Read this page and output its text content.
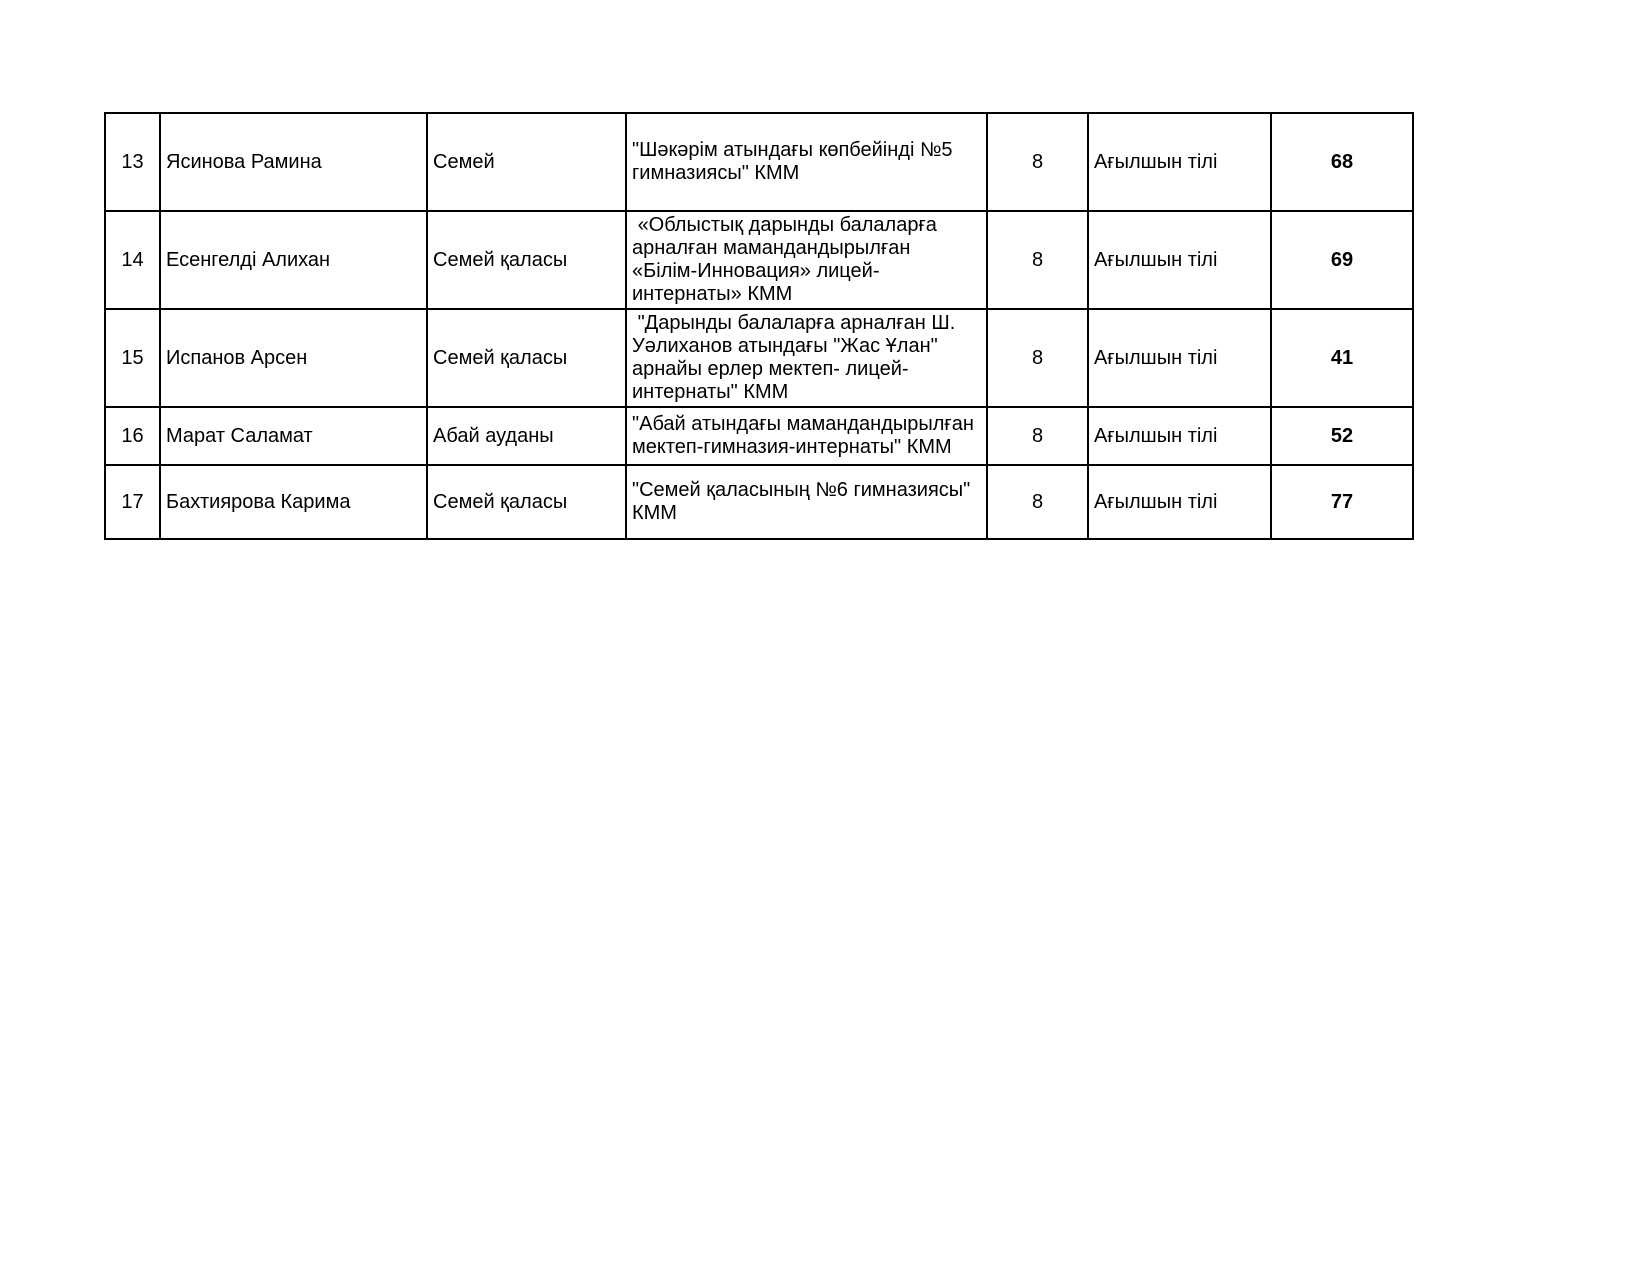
13	Ясинова Рамина	Семей	"Шәкәрім атындағы көпбейінді №5 гимназиясы" КММ	8	Ағылшын тілі	68
14	Есенгелді Алихан	Семей қаласы	«Облыстық дарынды балаларға арналған мамандандырылған «Білім-Инновация» лицей-интернаты» КММ	8	Ағылшын тілі	69
15	Испанов Арсен	Семей қаласы	"Дарынды балаларға арналған Ш. Уәлиханов атындағы "Жас Ұлан" арнайы ерлер мектеп- лицей-интернаты" КММ	8	Ағылшын тілі	41
16	Марат Саламат	Абай ауданы	"Абай атындағы мамандандырылған мектеп-гимназия-интернаты" КММ	8	Ағылшын тілі	52
17	Бахтиярова Карима	Семей қаласы	"Семей қаласының №6 гимназиясы" КММ	8	Ағылшын тілі	77
